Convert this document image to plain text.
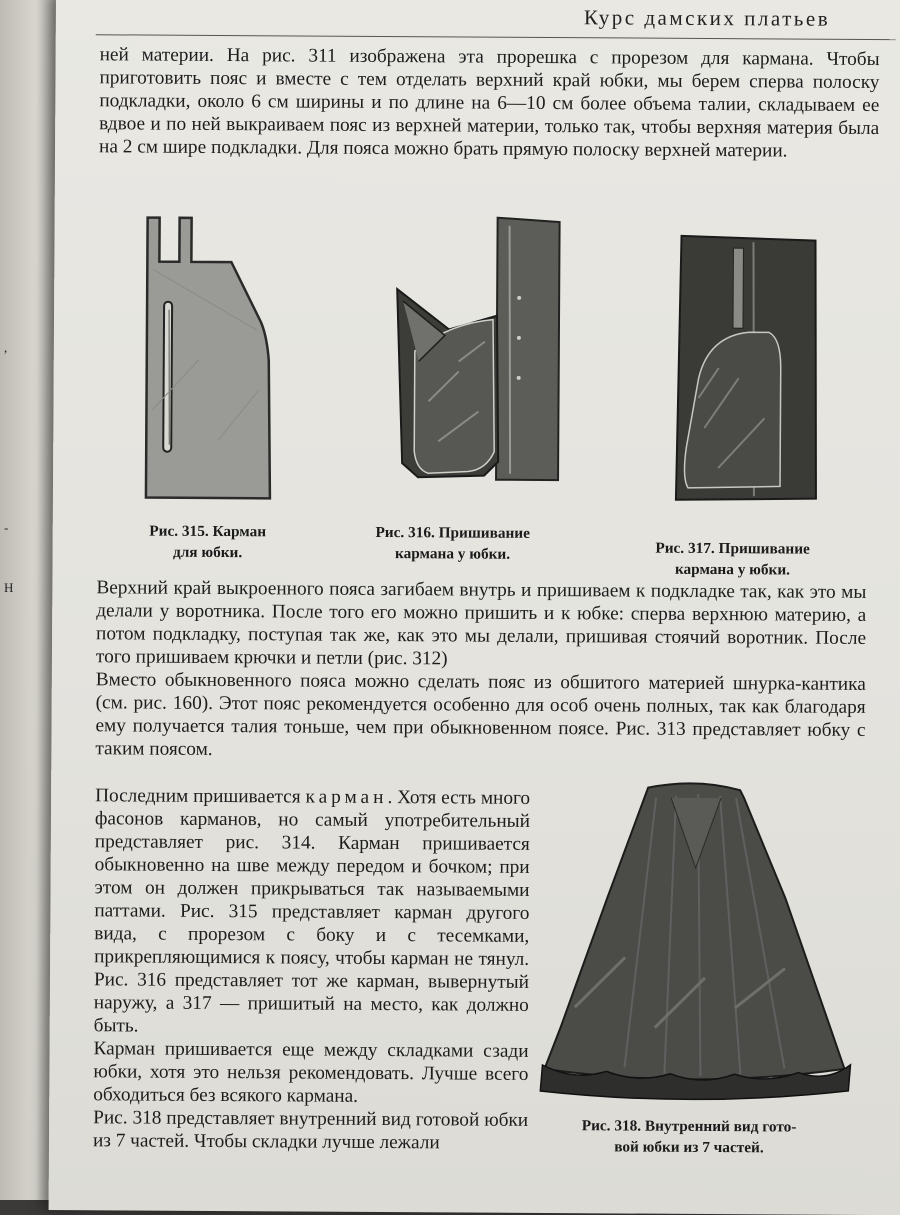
,
-
Н
Курс дамских платьев

ней материи. На рис. 311 изображена эта прорешка с прорезом для кармана. Чтобы приготовить пояс и вместе с тем отделать верхний край юбки, мы берем сперва полоску подкладки, около 6 см ширины и по длине на 6—10 см более объема талии, складываем ее вдвое и по ней выкраиваем пояс из верхней материи, только так, чтобы верхняя материя была на 2 см шире подкладки. Для пояса можно брать прямую полоску верхней материи.

Рис. 315. Карман
для юбки.
Рис. 316. Пришивание
кармана у юбки.	Рис. 317. Пришивание
кармана у юбки.

Верхний край выкроенного пояса загибаем внутрь и пришиваем к подкладке так, как это мы делали у воротника. После того его можно пришить и к юбке: сперва верхнюю материю, а потом подкладку, поступая так же, как это мы делали, пришивая стоячий воротник. После того пришиваем крючки и петли (рис. 312)
Вместо обыкновенного пояса можно сделать пояс из обшитого материей шнурка-кантика (см. рис. 160). Этот пояс рекомендуется особенно для особ очень полных, так как благодаря ему получается талия тоньше, чем при обыкновенном поясе. Рис. 313 представляет юбку с таким поясом.

Последним пришивается карман. Хотя есть много фасонов карманов, но самый употребительный представляет рис. 314. Карман пришивается обыкновенно на шве между передом и бочком; при этом он должен прикрываться так называемыми паттами. Рис. 315 представляет карман другого вида, с прорезом с боку и с тесемками, прикрепляющимися к поясу, чтобы карман не тянул. Рис. 316 представляет тот же карман, вывернутый наружу, а 317 — пришитый на место, как должно быть.
Карман пришивается еще между складками сзади юбки, хотя это нельзя рекомендовать. Лучше всего обходиться без всякого кармана.
Рис. 318 представляет внутренний вид готовой юбки из 7 частей. Чтобы складки лучше лежали

Рис. 318. Внутренний вид гото-
вой юбки из 7 частей.
